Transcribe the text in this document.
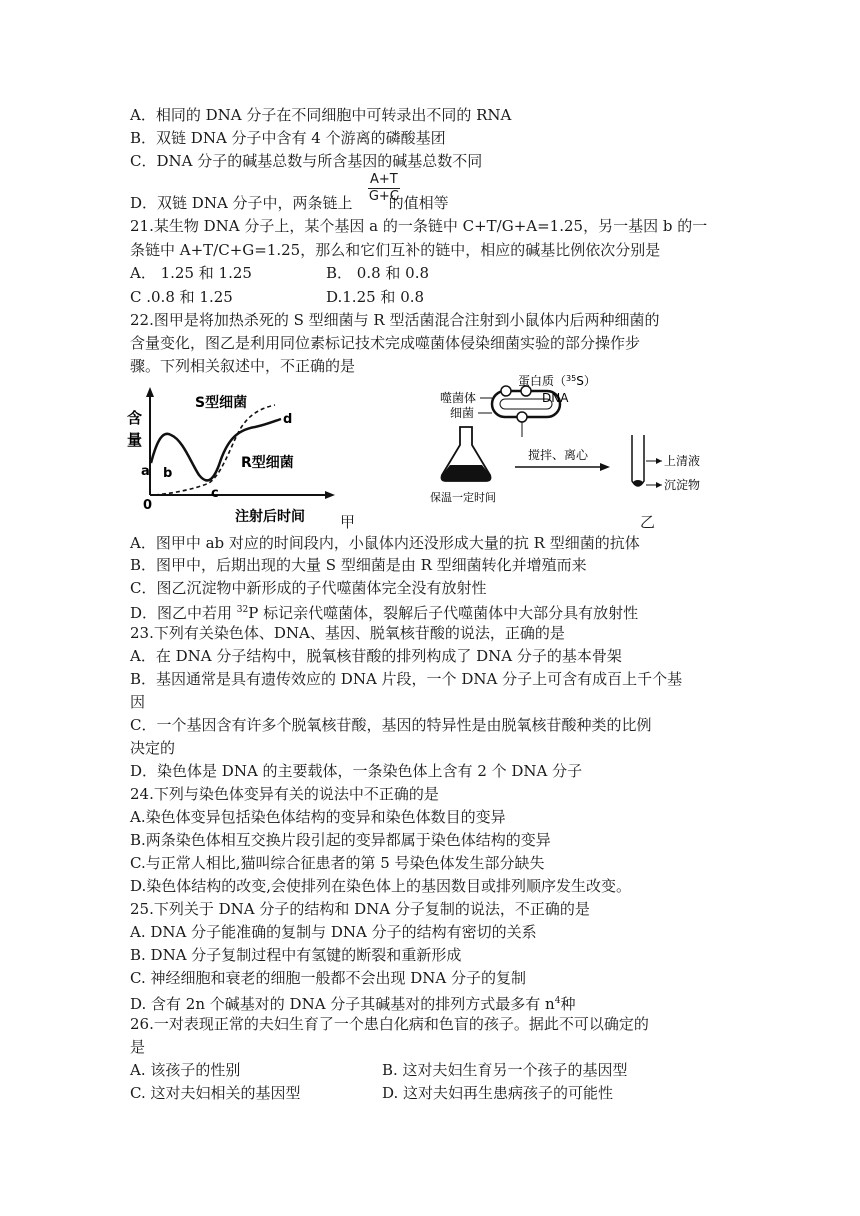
A．相同的 DNA 分子在不同细胞中可转录出不同的 RNA
B．双链 DNA 分子中含有 4 个游离的磷酸基团
C．DNA 分子的碱基总数与所含基因的碱基总数不同
D．双链 DNA 分子中，两条链上 的值相等
$\frac{A+T}{G+C}$
21.某生物 DNA 分子上，某个基因 a 的一条链中 C+T/G+A=1.25，另一基因 b 的一
条链中 A+T/C+G=1.25，那么和它们互补的链中，相应的碱基比例依次分别是
A． 1.25 和 1.25	B． 0.8 和 0.8
C .0.8 和 1.25	D.1.25 和 0.8
22.图甲是将加热杀死的 S 型细菌与 R 型活菌混合注射到小鼠体内后两种细菌的
含量变化，图乙是利用同位素标记技术完成噬菌体侵染细菌实验的部分操作步
骤。下列相关叙述中，不正确的是
含
量
S型细菌
R型细菌
注射后时间
0
a b
c
d
甲
噬菌体
细菌
蛋白质（$^{35}$S）
DNA
保温一定时间
搅拌、离心	上清液
沉淀物
乙
A．图甲中 ab 对应的时间段内，小鼠体内还没形成大量的抗 R 型细菌的抗体
B．图甲中，后期出现的大量 S 型细菌是由 R 型细菌转化并增殖而来
C．图乙沉淀物中新形成的子代噬菌体完全没有放射性
D．图乙中若用 $^{32}$P 标记亲代噬菌体，裂解后子代噬菌体中大部分具有放射性
23.下列有关染色体、DNA、基因、脱氧核苷酸的说法，正确的是
A．在 DNA 分子结构中，脱氧核苷酸的排列构成了 DNA 分子的基本骨架
B．基因通常是具有遗传效应的 DNA 片段，一个 DNA 分子上可含有成百上千个基
因
C．一个基因含有许多个脱氧核苷酸，基因的特异性是由脱氧核苷酸种类的比例
决定的
D．染色体是 DNA 的主要载体，一条染色体上含有 2 个 DNA 分子
24.下列与染色体变异有关的说法中不正确的是
A.染色体变异包括染色体结构的变异和染色体数目的变异
B.两条染色体相互交换片段引起的变异都属于染色体结构的变异
C.与正常人相比,猫叫综合征患者的第 5 号染色体发生部分缺失
D.染色体结构的改变,会使排列在染色体上的基因数目或排列顺序发生改变。
25.下列关于 DNA 分子的结构和 DNA 分子复制的说法，不正确的是
A. DNA 分子能准确的复制与 DNA 分子的结构有密切的关系
B. DNA 分子复制过程中有氢键的断裂和重新形成
C. 神经细胞和衰老的细胞一般都不会出现 DNA 分子的复制
D. 含有 2n 个碱基对的 DNA 分子其碱基对的排列方式最多有 $n^4$种
26.一对表现正常的夫妇生育了一个患白化病和色盲的孩子。据此不可以确定的
是
A. 该孩子的性别	B. 这对夫妇生育另一个孩子的基因型
C. 这对夫妇相关的基因型	D. 这对夫妇再生患病孩子的可能性
